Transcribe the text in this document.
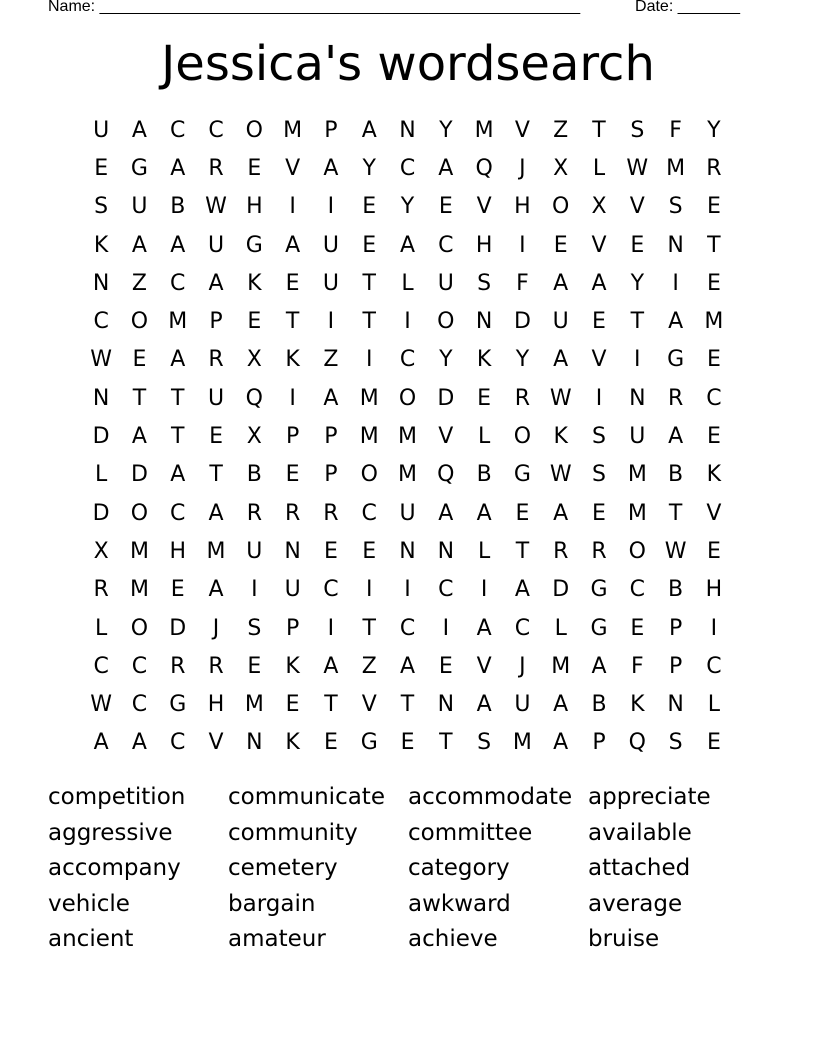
Name: ______________________________________________________	Date: _______
Jessica's wordsearch
U	A	C	C O M	P	A	N	Y	M V	Z	T	S	F	Y
E	G	A	R	E	V	A	Y	C	A	Q	J	X	L W M R
S	U	B W H	I	I	E	Y	E	V	H O	X	V	S	E
K	A	A	U G	A	U	E	A	C	H	I	E	V	E	N	T
N	Z	C	A	K	E	U	T	L	U	S	F	A	A	Y	I	E
C O M	P	E	T	I	T	I	O N D U	E	T	A M
W E	A	R	X	K	Z	I	C	Y	K	Y	A	V	I	G	E
N	T	T	U Q	I	A M O D	E	R W	I	N	R	C
D	A	T	E	X	P	P	M M V	L	O	K	S	U	A	E
L	D	A	T	B	E	P	O M Q	B	G W S M B	K
D O C	A	R	R	R	C	U	A	A	E	A	E M	T	V
X M H M U	N	E	E	N N	L	T	R	R O W E
R M E	A	I	U	C	I	I	C	I	A	D G	C	B	H
L	O D	J	S	P	I	T	C	I	A	C	L	G	E	P	I
C	C	R	R	E	K	A	Z	A	E	V	J	M A	F	P	C
W C	G H M E	T	V	T	N	A	U	A	B	K	N	L
A	A	C	V	N	K	E	G	E	T	S M A	P	Q	S	E
competition	communicate	accommodate appreciate
aggressive	community	committee	available
accompany	cemetery	category	attached
vehicle	bargain	awkward	average
ancient	amateur	achieve	bruise
